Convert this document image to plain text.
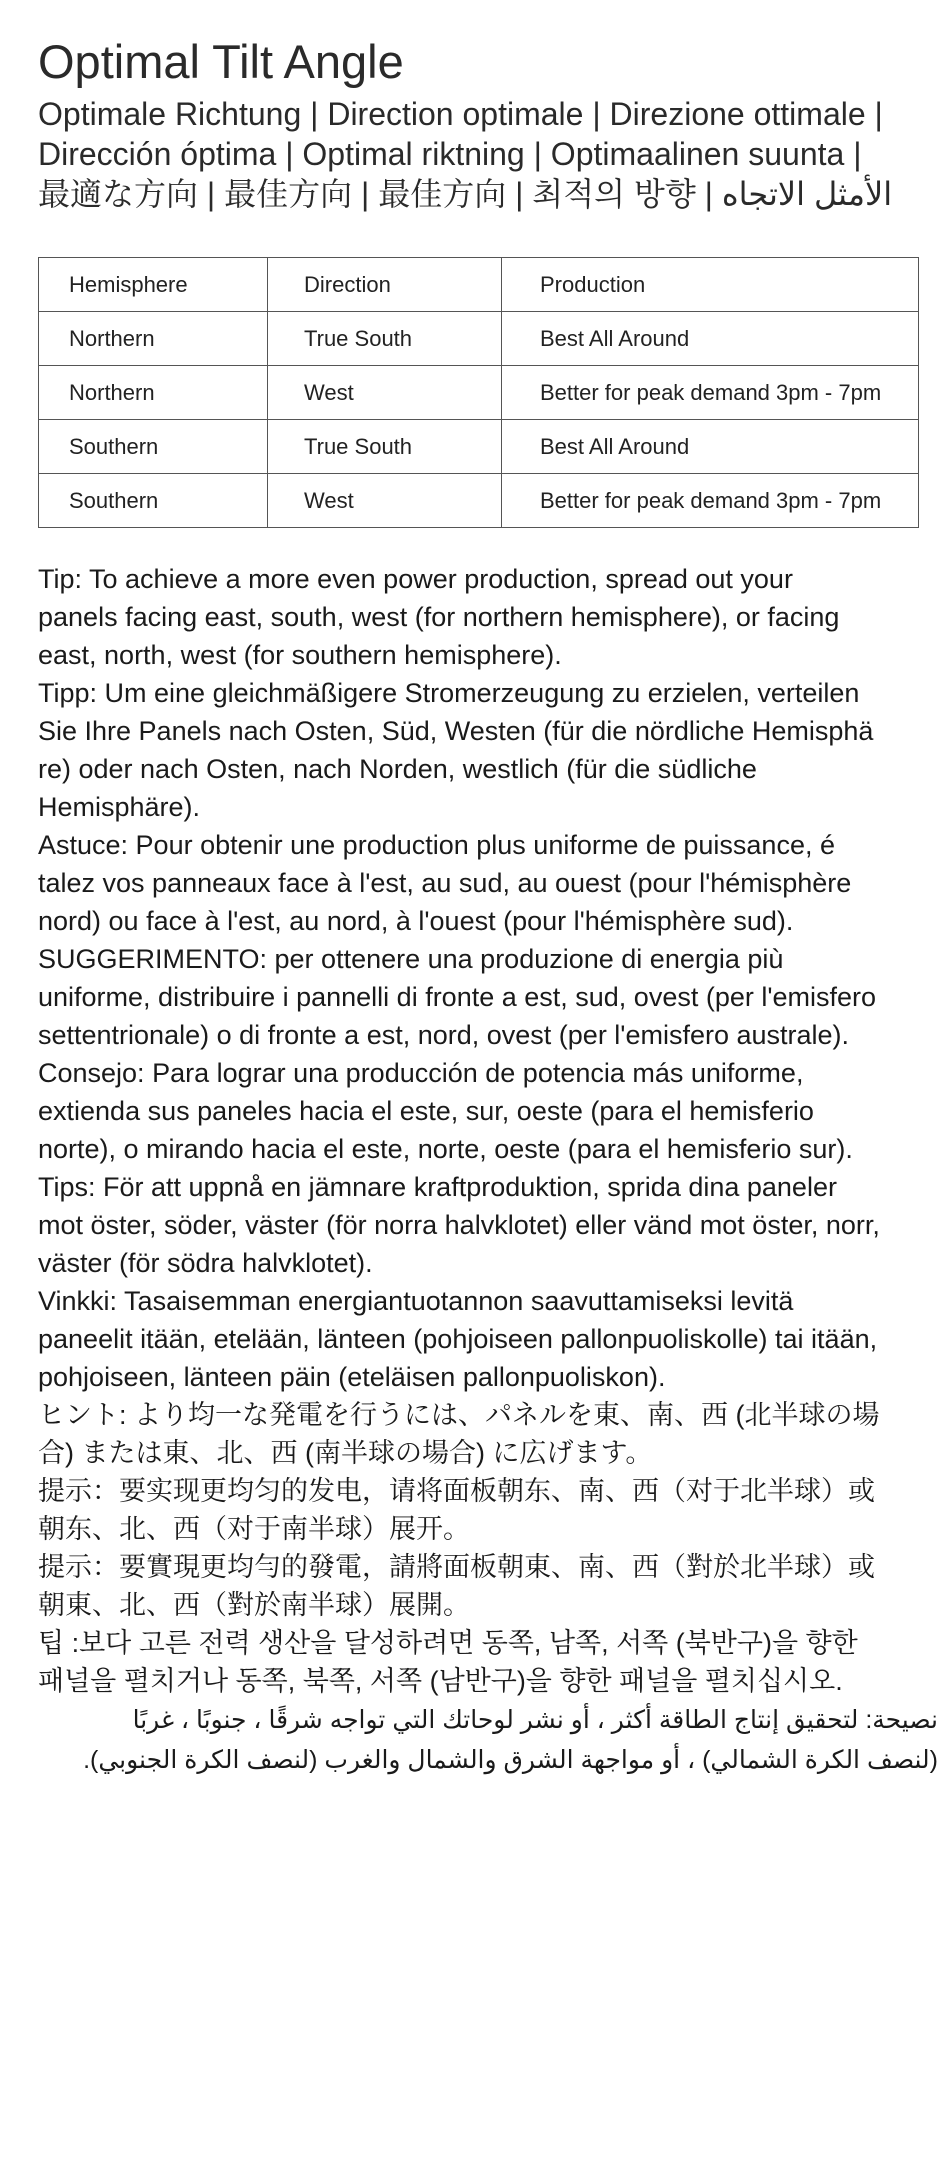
Optimal Tilt Angle
Optimale Richtung | Direction optimale | Direzione ottimale |
Dirección óptima | Optimal riktning | Optimaalinen suunta |
最適な方向 | 最佳方向 | 最佳方向 | 최적의 방향 | الأمثل الاتجاه
Hemisphere	Direction	Production
Northern	True South	Best All Around
Northern	West	Better for peak demand 3pm - 7pm
Southern	True South	Best All Around
Southern	West	Better for peak demand 3pm - 7pm

Tip: To achieve a more even power production, spread out your

panels facing east, south, west (for northern hemisphere), or facing

east, north, west (for southern hemisphere).

Tipp: Um eine gleichmäßigere Stromerzeugung zu erzielen, verteilen

Sie Ihre Panels nach Osten, Süd, Westen (für die nördliche Hemisphä

re) oder nach Osten, nach Norden, westlich (für die südliche

Hemisphäre).

Astuce: Pour obtenir une production plus uniforme de puissance, é

talez vos panneaux face à l'est, au sud, au ouest (pour l'hémisphère

nord) ou face à l'est, au nord, à l'ouest (pour l'hémisphère sud).

SUGGERIMENTO: per ottenere una produzione di energia più

uniforme, distribuire i pannelli di fronte a est, sud, ovest (per l'emisfero

settentrionale) o di fronte a est, nord, ovest (per l'emisfero australe).

Consejo: Para lograr una producción de potencia más uniforme,

extienda sus paneles hacia el este, sur, oeste (para el hemisferio

norte), o mirando hacia el este, norte, oeste (para el hemisferio sur).

Tips: För att uppnå en jämnare kraftproduktion, sprida dina paneler

mot öster, söder, väster (för norra halvklotet) eller vänd mot öster, norr,

väster (för södra halvklotet).

Vinkki: Tasaisemman energiantuotannon saavuttamiseksi levitä

paneelit itään, etelään, länteen (pohjoiseen pallonpuoliskolle) tai itään,

pohjoiseen, länteen päin (eteläisen pallonpuoliskon).

ヒント: より均一な発電を行うには、パネルを東、南、西 (北半球の場

合) または東、北、西 (南半球の場合) に広げます。

提示：要实现更均匀的发电，请将面板朝东、南、西（对于北半球）或

朝东、北、西（对于南半球）展开。

提示：要實現更均勻的發電，請將面板朝東、南、西（對於北半球）或

朝東、北、西（對於南半球）展開。

팁 :보다 고른 전력 생산을 달성하려면 동쪽, 남쪽, 서쪽 (북반구)을 향한

패널을 펼치거나 동쪽, 북쪽, 서쪽 (남반구)을 향한 패널을 펼치십시오.

نصيحة: لتحقيق إنتاج الطاقة أكثر ، أو نشر لوحاتك التي تواجه شرقًا ، جنوبًا ، غربًا

(لنصف الكرة الشمالي) ، أو مواجهة الشرق والشمال والغرب (لنصف الكرة الجنوبي).
